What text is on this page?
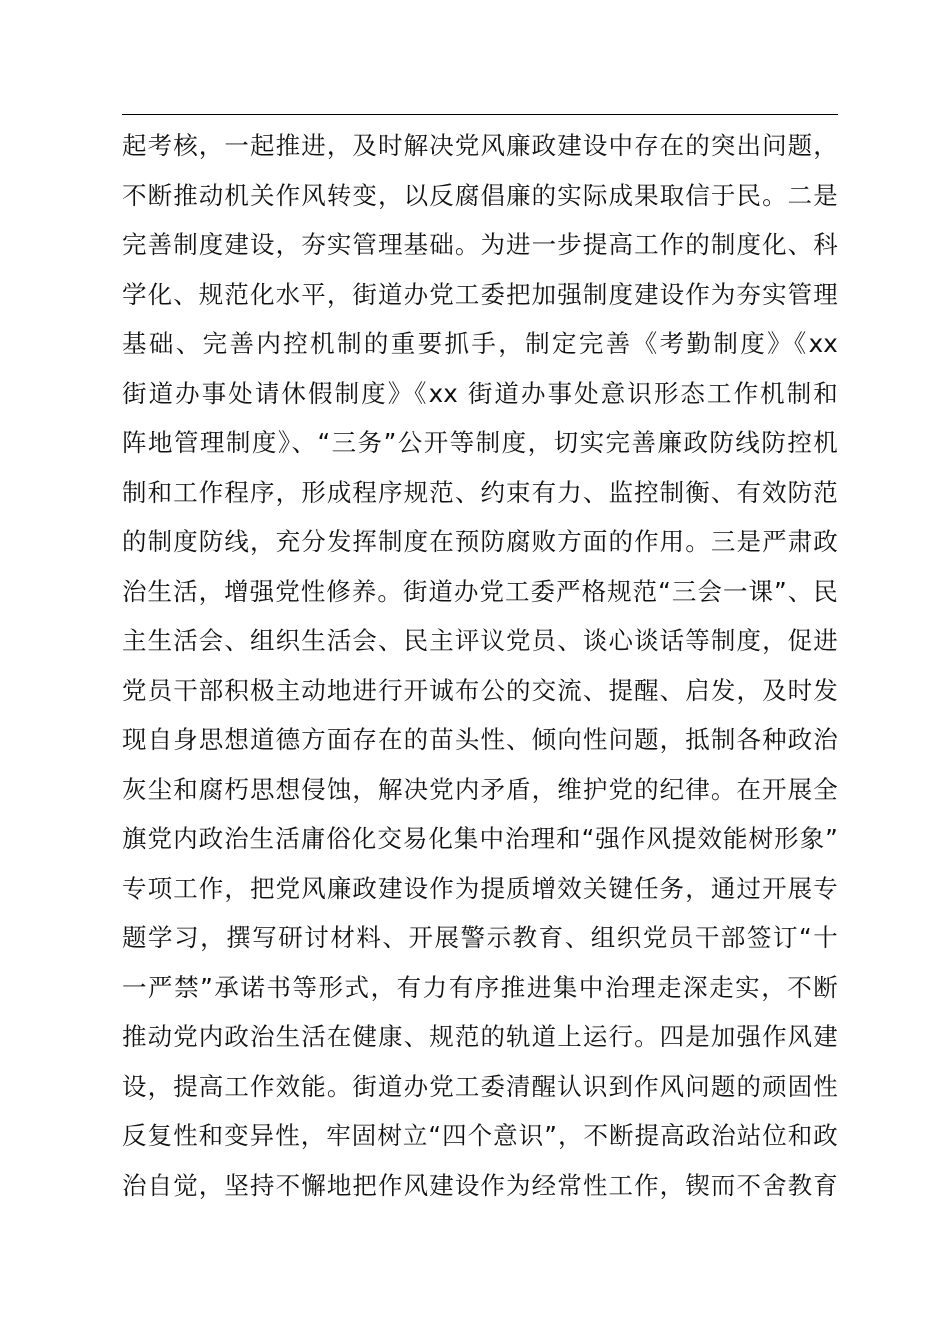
起考核，一起推进，及时解决党风廉政建设中存在的突出问题，
不断推动机关作风转变，以反腐倡廉的实际成果取信于民。二是
完善制度建设，夯实管理基础。为进一步提高工作的制度化、科
学化、规范化水平，街道办党工委把加强制度建设作为夯实管理
基础、完善内控机制的重要抓手，制定完善《考勤制度》《xx
街道办事处请休假制度》《xx 街道办事处意识形态工作机制和
阵地管理制度》、“三务”公开等制度，切实完善廉政防线防控机
制和工作程序，形成程序规范、约束有力、监控制衡、有效防范
的制度防线，充分发挥制度在预防腐败方面的作用。三是严肃政
治生活，增强党性修养。街道办党工委严格规范“三会一课”、民
主生活会、组织生活会、民主评议党员、谈心谈话等制度，促进
党员干部积极主动地进行开诚布公的交流、提醒、启发，及时发
现自身思想道德方面存在的苗头性、倾向性问题，抵制各种政治
灰尘和腐朽思想侵蚀，解决党内矛盾，维护党的纪律。在开展全
旗党内政治生活庸俗化交易化集中治理和“强作风提效能树形象”
专项工作，把党风廉政建设作为提质增效关键任务，通过开展专
题学习，撰写研讨材料、开展警示教育、组织党员干部签订“十
一严禁”承诺书等形式，有力有序推进集中治理走深走实，不断
推动党内政治生活在健康、规范的轨道上运行。四是加强作风建
设，提高工作效能。街道办党工委清醒认识到作风问题的顽固性
反复性和变异性，牢固树立“四个意识”，不断提高政治站位和政
治自觉，坚持不懈地把作风建设作为经常性工作，锲而不舍教育
